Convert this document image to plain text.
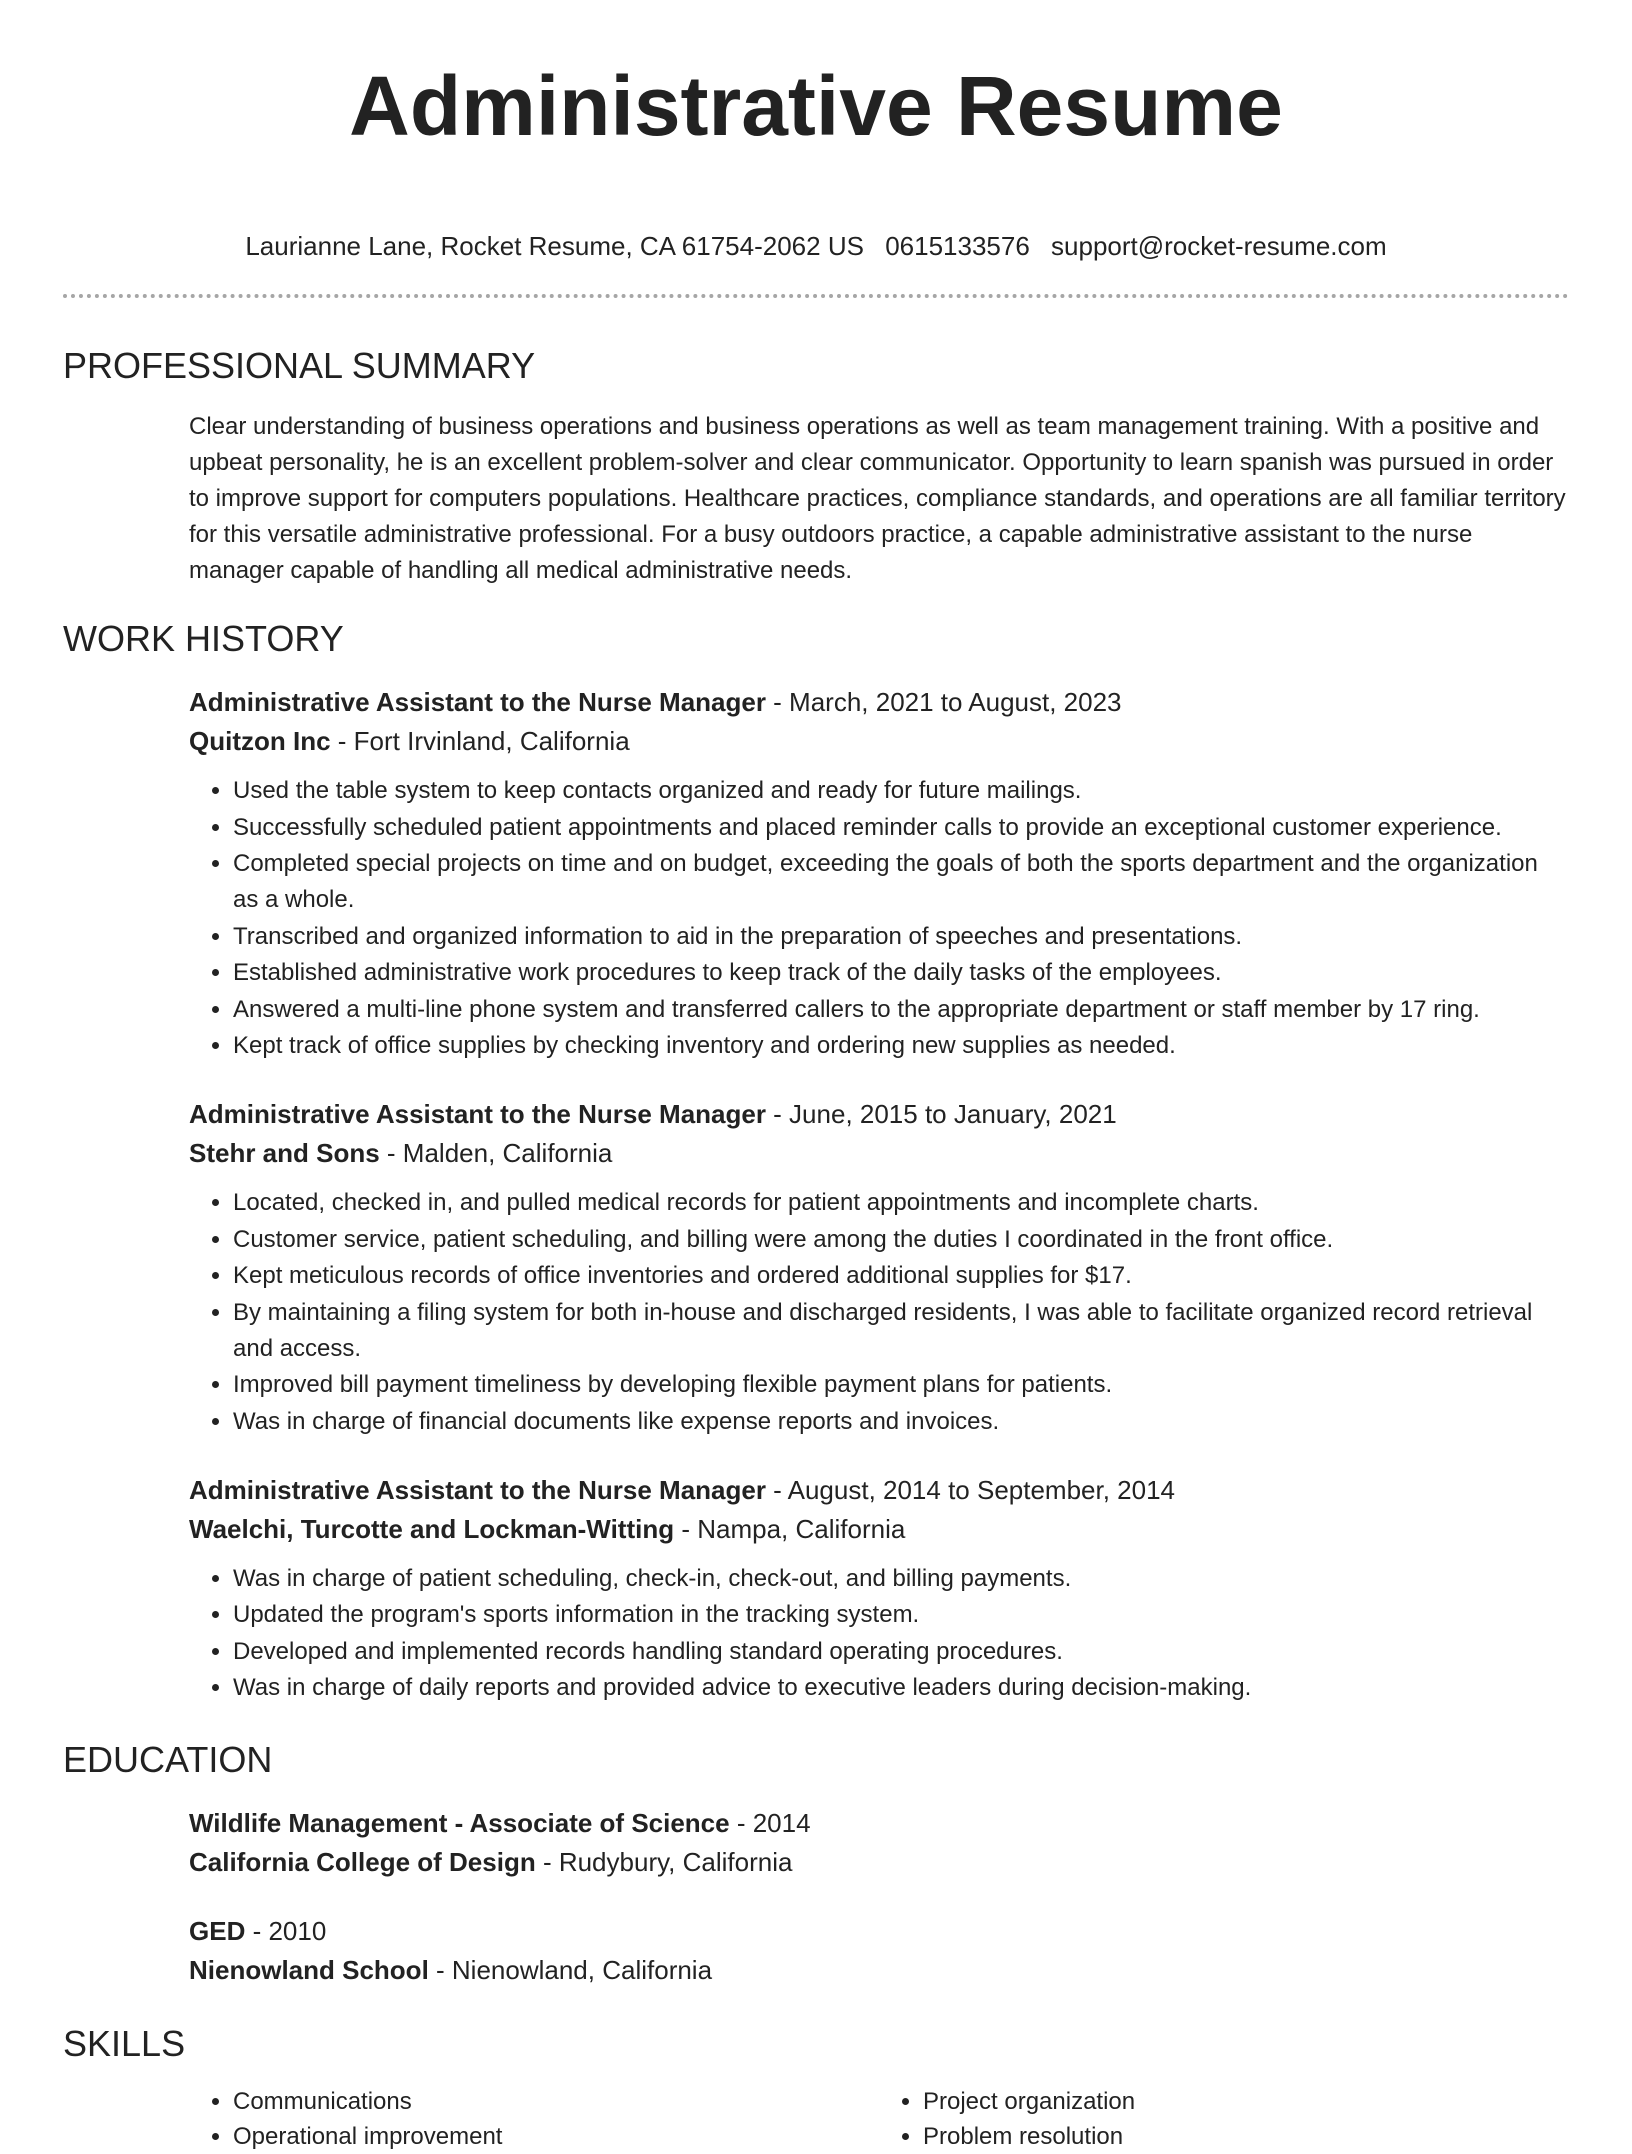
Administrative Resume
Laurianne Lane, Rocket Resume, CA 61754-2062 US 0615133576 support@rocket-resume.com
PROFESSIONAL SUMMARY

Clear understanding of business operations and business operations as well as team management training. With a positive and upbeat personality, he is an excellent problem-solver and clear communicator. Opportunity to learn spanish was pursued in order to improve support for computers populations. Healthcare practices, compliance standards, and operations are all familiar territory for this versatile administrative professional. For a busy outdoors practice, a capable administrative assistant to the nurse manager capable of handling all medical administrative needs.

WORK HISTORY
Administrative Assistant to the Nurse Manager - March, 2021 to August, 2023
Quitzon Inc - Fort Irvinland, California
• Used the table system to keep contacts organized and ready for future mailings.
• Successfully scheduled patient appointments and placed reminder calls to provide an exceptional customer experience.
• Completed special projects on time and on budget, exceeding the goals of both the sports department and the organization as a whole.
• Transcribed and organized information to aid in the preparation of speeches and presentations.
• Established administrative work procedures to keep track of the daily tasks of the employees.
• Answered a multi-line phone system and transferred callers to the appropriate department or staff member by 17 ring.
• Kept track of office supplies by checking inventory and ordering new supplies as needed.
Administrative Assistant to the Nurse Manager - June, 2015 to January, 2021
Stehr and Sons - Malden, California
• Located, checked in, and pulled medical records for patient appointments and incomplete charts.
• Customer service, patient scheduling, and billing were among the duties I coordinated in the front office.
• Kept meticulous records of office inventories and ordered additional supplies for $17.
• By maintaining a filing system for both in-house and discharged residents, I was able to facilitate organized record retrieval and access.
• Improved bill payment timeliness by developing flexible payment plans for patients.
• Was in charge of financial documents like expense reports and invoices.
Administrative Assistant to the Nurse Manager - August, 2014 to September, 2014
Waelchi, Turcotte and Lockman-Witting - Nampa, California
• Was in charge of patient scheduling, check-in, check-out, and billing payments.
• Updated the program's sports information in the tracking system.
• Developed and implemented records handling standard operating procedures.
• Was in charge of daily reports and provided advice to executive leaders during decision-making.
EDUCATION
Wildlife Management - Associate of Science - 2014
California College of Design - Rudybury, California
GED - 2010
Nienowland School - Nienowland, California
SKILLS
• Communications
• Operational improvement
• Project organization
• Problem resolution
